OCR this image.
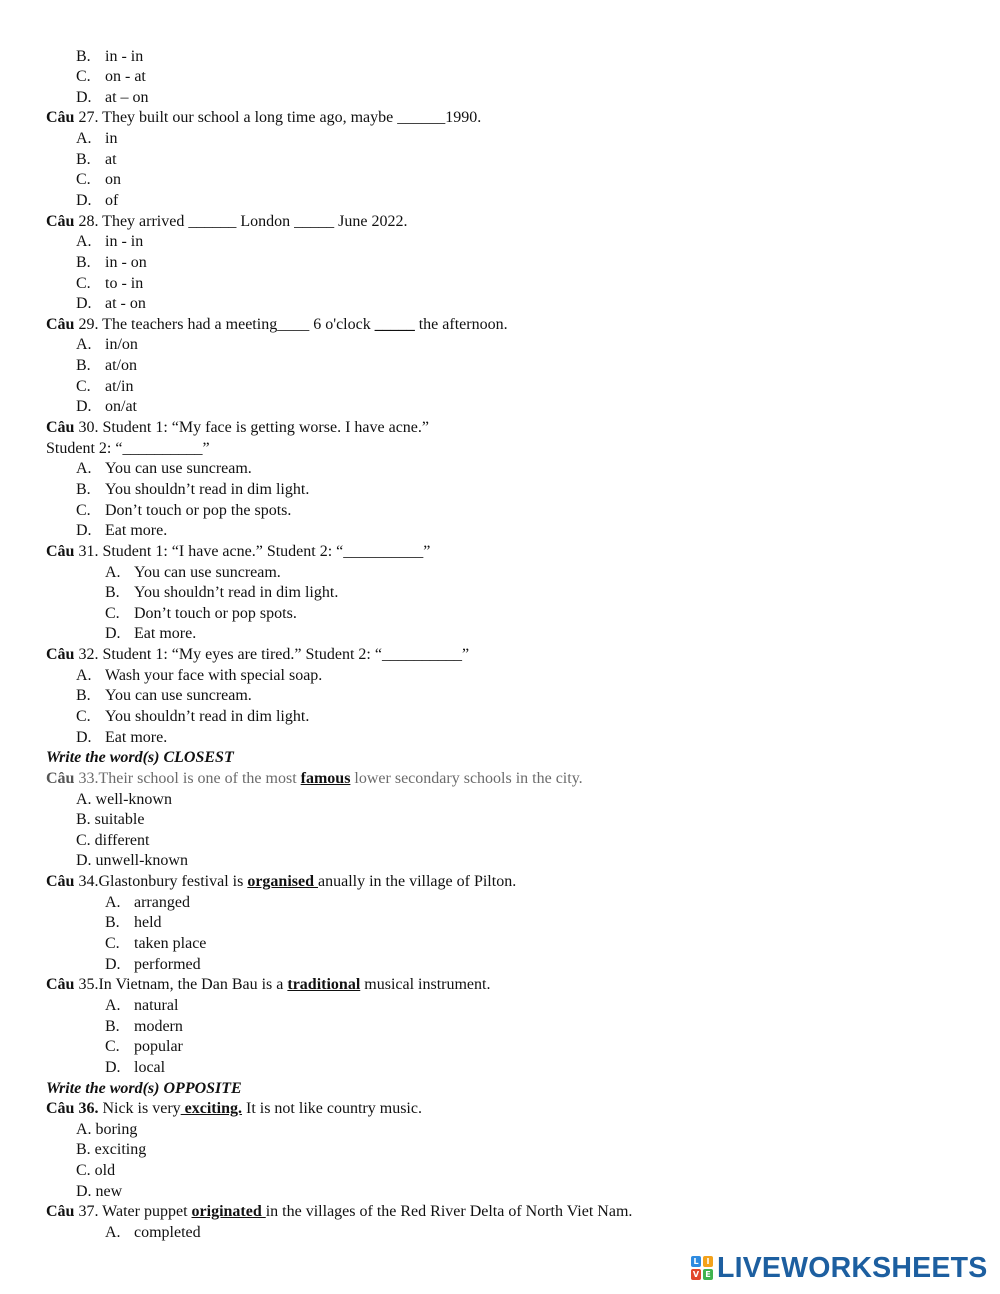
B. in - in
C. on - at
D. at – on
Câu 27. They built our school a long time ago, maybe ______1990.
A. in
B. at
C. on
D. of
Câu 28. They arrived ______ London _____ June 2022.
A. in - in
B. in - on
C. to - in
D. at - on
Câu 29. The teachers had a meeting____ 6 o'clock _____ the afternoon.
A. in/on
B. at/on
C. at/in
D. on/at
Câu 30. Student 1: “My face is getting worse. I have acne.”
Student 2: “__________”
A. You can use suncream.
B. You shouldn’t read in dim light.
C. Don’t touch or pop the spots.
D. Eat more.
Câu 31. Student 1: “I have acne.” Student 2: “__________”
A. You can use suncream.
B. You shouldn’t read in dim light.
C. Don’t touch or pop spots.
D. Eat more.
Câu 32. Student 1: “My eyes are tired.” Student 2: “__________”
A. Wash your face with special soap.
B. You can use suncream.
C. You shouldn’t read in dim light.
D. Eat more.
Write the word(s) CLOSEST
Câu 33.Their school is one of the most famous lower secondary schools in the city.
A. well-known
B. suitable
C. different
D. unwell-known
Câu 34.Glastonbury festival is organised anually in the village of Pilton.
A. arranged
B. held
C. taken place
D. performed
Câu 35.In Vietnam, the Dan Bau is a traditional musical instrument.
A. natural
B. modern
C. popular
D. local
Write the word(s) OPPOSITE
Câu 36. Nick is very exciting. It is not like country music.
A. boring
B. exciting
C. old
D. new
Câu 37. Water puppet originated in the villages of the Red River Delta of North Viet Nam.
A. completed
L I
V E LIVEWORKSHEETS
